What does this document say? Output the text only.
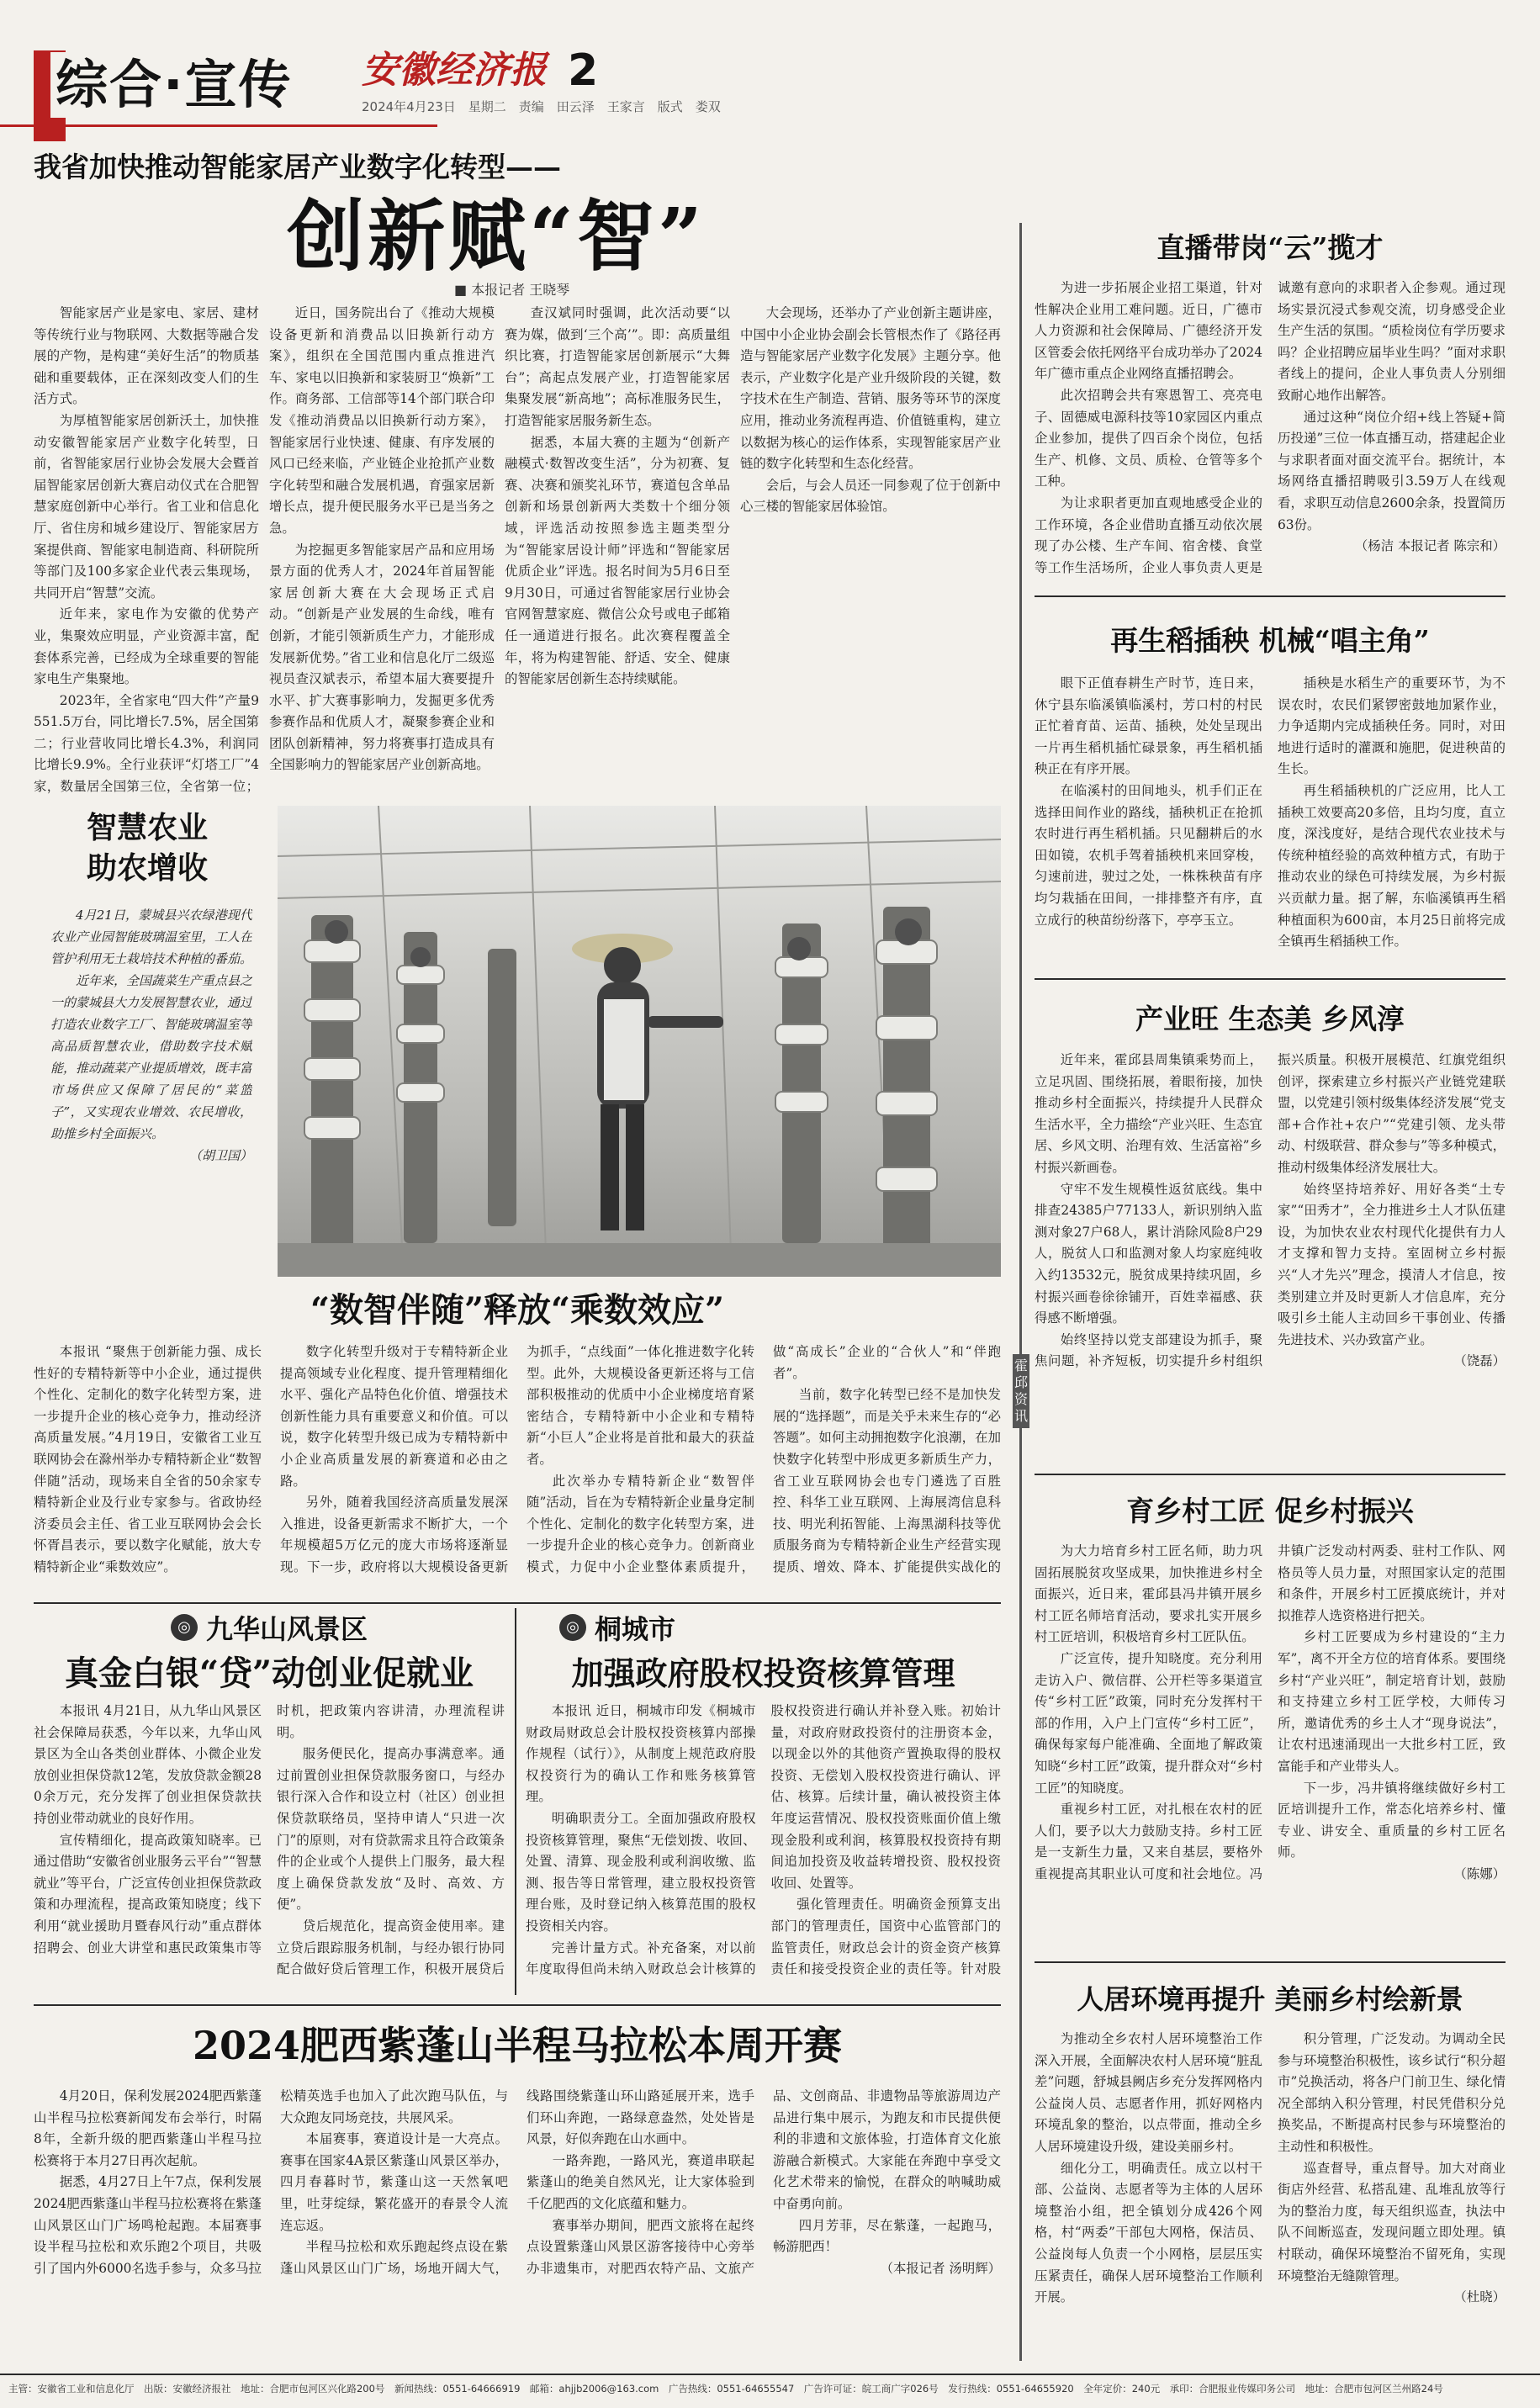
综合·宣传 安徽经济报 2
2024年4月23日　星期二　责编　田云泽　王家言　版式　娄双
我省加快推动智能家居产业数字化转型——
创新赋“智”
■ 本报记者 王晓琴

智能家居产业是家电、家居、建材等传统行业与物联网、大数据等融合发展的产物，是构建“美好生活”的物质基础和重要载体，正在深刻改变人们的生活方式。

为厚植智能家居创新沃土，加快推动安徽智能家居产业数字化转型，日前，省智能家居行业协会发展大会暨首届智能家居创新大赛启动仪式在合肥智慧家庭创新中心举行。省工业和信息化厅、省住房和城乡建设厅、智能家居方案提供商、智能家电制造商、科研院所等部门及100多家企业代表云集现场，共同开启“智慧”交流。

近年来，家电作为安徽的优势产业，集聚效应明显，产业资源丰富，配套体系完善，已经成为全球重要的智能家电生产集聚地。

2023年，全省家电“四大件”产量9551.5万台，同比增长7.5%，居全国第二；行业营收同比增长4.3%，利润同比增长9.9%。全行业获评“灯塔工厂”4家，数量居全国第三位，全省第一位；

近日，国务院出台了《推动大规模设备更新和消费品以旧换新行动方案》，组织在全国范围内重点推进汽车、家电以旧换新和家装厨卫“焕新”工作。商务部、工信部等14个部门联合印发《推动消费品以旧换新行动方案》，智能家居行业快速、健康、有序发展的风口已经来临，产业链企业抢抓产业数字化转型和融合发展机遇，育强家居新增长点，提升便民服务水平已是当务之急。

为挖掘更多智能家居产品和应用场景方面的优秀人才，2024年首届智能家居创新大赛在大会现场正式启动。“创新是产业发展的生命线，唯有创新，才能引领新质生产力，才能形成发展新优势。”省工业和信息化厅二级巡视员查汉斌表示，希望本届大赛要提升水平、扩大赛事影响力，发掘更多优秀参赛作品和优质人才，凝聚参赛企业和团队创新精神，努力将赛事打造成具有全国影响力的智能家居产业创新高地。

查汉斌同时强调，此次活动要“以赛为媒，做到‘三个高’”。即：高质量组织比赛，打造智能家居创新展示“大舞台”；高起点发展产业，打造智能家居集聚发展“新高地”；高标准服务民生，打造智能家居服务新生态。

据悉，本届大赛的主题为“创新产融模式·数智改变生活”，分为初赛、复赛、决赛和颁奖礼环节，赛道包含单品创新和场景创新两大类数十个细分领域，评选活动按照参选主题类型分为“智能家居设计师”评选和“智能家居优质企业”评选。报名时间为5月6日至9月30日，可通过省智能家居行业协会官网智慧家庭、微信公众号或电子邮箱任一通道进行报名。此次赛程覆盖全年，将为构建智能、舒适、安全、健康的智能家居创新生态持续赋能。

大会现场，还举办了产业创新主题讲座，中国中小企业协会副会长管根杰作了《路径再造与智能家居产业数字化发展》主题分享。他表示，产业数字化是产业升级阶段的关键，数字技术在生产制造、营销、服务等环节的深度应用，推动业务流程再造、价值链重构，建立以数据为核心的运作体系，实现智能家居产业链的数字化转型和生态化经营。

会后，与会人员还一同参观了位于创新中心三楼的智能家居体验馆。

智慧农业
助农增收

4月21日，蒙城县兴农绿港现代农业产业园智能玻璃温室里，工人在管护利用无土栽培技术种植的番茄。

近年来，全国蔬菜生产重点县之一的蒙城县大力发展智慧农业，通过打造农业数字工厂、智能玻璃温室等高品质智慧农业，借助数字技术赋能，推动蔬菜产业提质增效，既丰富市场供应又保障了居民的“菜篮子”，又实现农业增效、农民增收，助推乡村全面振兴。

（胡卫国）
“数智伴随”释放“乘数效应”

本报讯 “聚焦于创新能力强、成长性好的专精特新等中小企业，通过提供个性化、定制化的数字化转型方案，进一步提升企业的核心竞争力，推动经济高质量发展。”4月19日，安徽省工业互联网协会在滁州举办专精特新企业“数智伴随”活动，现场来自全省的50余家专精特新企业及行业专家参与。省政协经济委员会主任、省工业互联网协会会长怀胥昌表示，要以数字化赋能，放大专精特新企业“乘数效应”。

数字化转型升级对于专精特新企业提高领域专业化程度、提升管理精细化水平、强化产品特色化价值、增强技术创新性能力具有重要意义和价值。可以说，数字化转型升级已成为专精特新中小企业高质量发展的新赛道和必由之路。

另外，随着我国经济高质量发展深入推进，设备更新需求不断扩大，一个年规模超5万亿元的庞大市场将逐渐显现。下一步，政府将以大规模设备更新为抓手，“点线面”一体化推进数字化转型。此外，大规模设备更新还将与工信部积极推动的优质中小企业梯度培育紧密结合，专精特新中小企业和专精特新“小巨人”企业将是首批和最大的获益者。

此次举办专精特新企业“数智伴随”活动，旨在为专精特新企业量身定制个性化、定制化的数字化转型方案，进一步提升企业的核心竞争力。创新商业模式，力促中小企业整体素质提升，做“高成长”企业的“合伙人”和“伴跑者”。

当前，数字化转型已经不是加快发展的“选择题”，而是关乎未来生存的“必答题”。如何主动拥抱数字化浪潮，在加快数字化转型中形成更多新质生产力，省工业互联网协会也专门遴选了百胜控、科华工业互联网、上海展湾信息科技、明光利拓智能、上海黑湖科技等优质服务商为专精特新企业生产经营实现提质、增效、降本、扩能提供实战化的

◎ 九华山风景区
真金白银“贷”动创业促就业

本报讯 4月21日，从九华山风景区社会保障局获悉，今年以来，九华山风景区为全山各类创业群体、小微企业发放创业担保贷款12笔，发放贷款金额280余万元，充分发挥了创业担保贷款扶持创业带动就业的良好作用。

宣传精细化，提高政策知晓率。已通过借助“安徽省创业服务云平台”“智慧就业”等平台，广泛宣传创业担保贷款政策和办理流程，提高政策知晓度；线下利用“就业援助月暨春风行动”重点群体招聘会、创业大讲堂和惠民政策集市等时机，把政策内容讲清，办理流程讲明。

服务便民化，提高办事满意率。通过前置创业担保贷款服务窗口，与经办银行深入合作和设立村（社区）创业担保贷款联络员，坚持申请人“只进一次门”的原则，对有贷款需求且符合政策条件的企业或个人提供上门服务，最大程度上确保贷款发放“及时、高效、方便”。

贷后规范化，提高资金使用率。建立贷后跟踪服务机制，与经办银行协同配合做好贷后管理工作，积极开展贷后

◎ 桐城市
加强政府股权投资核算管理

本报讯 近日，桐城市印发《桐城市财政局财政总会计股权投资核算内部操作规程（试行）》，从制度上规范政府股权投资行为的确认工作和账务核算管理。

明确职责分工。全面加强政府股权投资核算管理，聚焦“无偿划拨、收回、处置、清算、现金股利或利润收缴、监测、报告等日常管理，建立股权投资管理台账，及时登记纳入核算范围的股权投资相关内容。

完善计量方式。补充备案，对以前年度取得但尚未纳入财政总会计核算的股权投资进行确认并补登入账。初始计量，对政府财政投资付的注册资本金，以现金以外的其他资产置换取得的股权投资、无偿划入股权投资进行确认、评估、核算。后续计量，确认被投资主体年度运营情况、股权投资账面价值上缴现金股利或利润，核算股权投资持有期间追加投资及收益转增投资、股权投资收回、处置等。

强化管理责任。明确资金预算支出部门的管理责任，国资中心监管部门的监管责任，财政总会计的资金资产核算责任和接受投资企业的责任等。针对股

2024肥西紫蓬山半程马拉松本周开赛

4月20日，保利发展2024肥西紫蓬山半程马拉松赛新闻发布会举行，时隔8年，全新升级的肥西紫蓬山半程马拉松赛将于本月27日再次起航。

据悉，4月27日上午7点，保利发展2024肥西紫蓬山半程马拉松赛将在紫蓬山风景区山门广场鸣枪起跑。本届赛事设半程马拉松和欢乐跑2个项目，共吸引了国内外6000名选手参与，众多马拉松精英选手也加入了此次跑马队伍，与大众跑友同场竞技，共展风采。

本届赛事，赛道设计是一大亮点。赛事在国家4A景区紫蓬山风景区举办，四月春暮时节，紫蓬山这一天然氧吧里，吐芽绽绿，繁花盛开的春景令人流连忘返。

半程马拉松和欢乐跑起终点设在紫蓬山风景区山门广场，场地开阔大气，线路围绕紫蓬山环山路延展开来，选手们环山奔跑，一路绿意盎然，处处皆是风景，好似奔跑在山水画中。

一路奔跑，一路风光，赛道串联起紫蓬山的绝美自然风光，让大家体验到千亿肥西的文化底蕴和魅力。

赛事举办期间，肥西文旅将在起终点设置紫蓬山风景区游客接待中心旁举办非遗集市，对肥西农特产品、文旅产品、文创商品、非遗物品等旅游周边产品进行集中展示，为跑友和市民提供便利的非遗和文旅体验，打造体育文化旅游融合新模式。大家能在奔跑中享受文化艺术带来的愉悦，在群众的呐喊助威中奋勇向前。

四月芳菲，尽在紫蓬，一起跑马，畅游肥西！

（本报记者 汤明辉）
霍邱资讯
直播带岗“云”揽才

为进一步拓展企业招工渠道，针对性解决企业用工难问题。近日，广德市人力资源和社会保障局、广德经济开发区管委会依托网络平台成功举办了2024年广德市重点企业网络直播招聘会。

此次招聘会共有寒恩智工、亮亮电子、固德威电源科技等10家园区内重点企业参加，提供了四百余个岗位，包括生产、机修、文员、质检、仓管等多个工种。

为让求职者更加直观地感受企业的工作环境，各企业借助直播互动依次展现了办公楼、生产车间、宿舍楼、食堂等工作生活场所，企业人事负责人更是诚邀有意向的求职者入企参观。通过现场实景沉浸式参观交流，切身感受企业生产生活的氛围。“质检岗位有学历要求吗？企业招聘应届毕业生吗？”面对求职者线上的提问，企业人事负责人分别细致耐心地作出解答。

通过这种“岗位介绍+线上答疑+简历投递”三位一体直播互动，搭建起企业与求职者面对面交流平台。据统计，本场网络直播招聘吸引3.59万人在线观看，求职互动信息2600余条，投置简历63份。

（杨洁 本报记者 陈宗和）
再生稻插秧 机械“唱主角”

眼下正值春耕生产时节，连日来，休宁县东临溪镇临溪村，芳口村的村民正忙着育苗、运苗、插秧，处处呈现出一片再生稻机插忙碌景象，再生稻机插秧正在有序开展。

在临溪村的田间地头，机手们正在选择田间作业的路线，插秧机正在抢抓农时进行再生稻机插。只见翻耕后的水田如镜，农机手驾着插秧机来回穿梭，匀速前进，驶过之处，一株株秧苗有序均匀栽插在田间，一排排整齐有序，直立成行的秧苗纷纷落下，亭亭玉立。

插秧是水稻生产的重要环节，为不误农时，农民们紧锣密鼓地加紧作业，力争适期内完成插秧任务。同时，对田地进行适时的灌溉和施肥，促进秧苗的生长。

再生稻插秧机的广泛应用，比人工插秧工效要高20多倍，且均匀度，直立度，深浅度好，是结合现代农业技术与传统种植经验的高效种植方式，有助于推动农业的绿色可持续发展，为乡村振兴贡献力量。据了解，东临溪镇再生稻种植面积为600亩，本月25日前将完成全镇再生稻插秧工作。

产业旺 生态美 乡风淳

近年来，霍邱县周集镇乘势而上，立足巩固、围绕拓展，着眼衔接，加快推动乡村全面振兴，持续提升人民群众生活水平，全力描绘“产业兴旺、生态宜居、乡风文明、治理有效、生活富裕”乡村振兴新画卷。

守牢不发生规模性返贫底线。集中排查24385户77133人，新识别纳入监测对象27户68人，累计消除风险8户29人，脱贫人口和监测对象人均家庭纯收入约13532元，脱贫成果持续巩固，乡村振兴画卷徐徐铺开，百姓幸福感、获得感不断增强。

始终坚持以党支部建设为抓手，聚焦问题，补齐短板，切实提升乡村组织振兴质量。积极开展模范、红旗党组织创评，探索建立乡村振兴产业链党建联盟，以党建引领村级集体经济发展“党支部+合作社+农户”“党建引领、龙头带动、村级联营、群众参与”等多种模式，推动村级集体经济发展壮大。

始终坚持培养好、用好各类“土专家”“田秀才”，全力推进乡土人才队伍建设，为加快农业农村现代化提供有力人才支撑和智力支持。室固树立乡村振兴“人才先兴”理念，摸清人才信息，按类别建立并及时更新人才信息库，充分吸引乡土能人主动回乡干事创业、传播先进技术、兴办致富产业。

（饶磊）
育乡村工匠 促乡村振兴

为大力培育乡村工匠名师，助力巩固拓展脱贫攻坚成果，加快推进乡村全面振兴，近日来，霍邱县冯井镇开展乡村工匠名师培育活动，要求扎实开展乡村工匠培训，积极培育乡村工匠队伍。

广泛宣传，提升知晓度。充分利用走访入户、微信群、公开栏等多渠道宣传“乡村工匠”政策，同时充分发挥村干部的作用，入户上门宣传“乡村工匠”，确保每家每户能准确、全面地了解政策知晓“乡村工匠”政策，提升群众对“乡村工匠”的知晓度。

重视乡村工匠，对扎根在农村的匠人们，要予以大力鼓励支持。乡村工匠是一支新生力量，又来自基层，要格外重视提高其职业认可度和社会地位。冯井镇广泛发动村两委、驻村工作队、网格员等人员力量，对照国家认定的范围和条件，开展乡村工匠摸底统计，并对拟推荐人选资格进行把关。

乡村工匠要成为乡村建设的“主力军”，离不开全方位的培育体系。要围绕乡村“产业兴旺”，制定培育计划，鼓励和支持建立乡村工匠学校，大师传习所，邀请优秀的乡土人才“现身说法”，让农村迅速涌现出一大批乡村工匠，致富能手和产业带头人。

下一步，冯井镇将继续做好乡村工匠培训提升工作，常态化培养乡村、懂专业、讲安全、重质量的乡村工匠名师。

（陈娜）
人居环境再提升 美丽乡村绘新景

为推动全乡农村人居环境整治工作深入开展，全面解决农村人居环境“脏乱差”问题，舒城县阙店乡充分发挥网格内公益岗人员、志愿者作用，抓好网格内环境乱象的整治，以点带面，推动全乡人居环境建设升级，建设美丽乡村。

细化分工，明确责任。成立以村干部、公益岗、志愿者等为主体的人居环境整治小组，把全镇划分成426个网格，村“两委”干部包大网格，保洁员、公益岗每人负责一个小网格，层层压实压紧责任，确保人居环境整治工作顺利开展。

积分管理，广泛发动。为调动全民参与环境整治积极性，该乡试行“积分超市”兑换活动，将各户门前卫生、绿化情况全部纳入积分管理，村民凭借积分兑换奖品，不断提高村民参与环境整治的主动性和积极性。

巡查督导，重点督导。加大对商业街店外经营、私搭乱建、乱堆乱放等行为的整治力度，每天组织巡查，执法中队不间断巡查，发现问题立即处理。镇村联动，确保环境整治不留死角，实现环境整治无缝隙管理。

（杜晓）
主管：安徽省工业和信息化厅　出版：安徽经济报社　地址：合肥市包河区兴化路200号　新闻热线：0551-64666919　邮箱：ahjjb2006@163.com　广告热线：0551-64655547　广告许可证：皖工商广字026号　发行热线：0551-64655920　全年定价：240元　承印：合肥报业传媒印务公司　地址：合肥市包河区兰州路24号
